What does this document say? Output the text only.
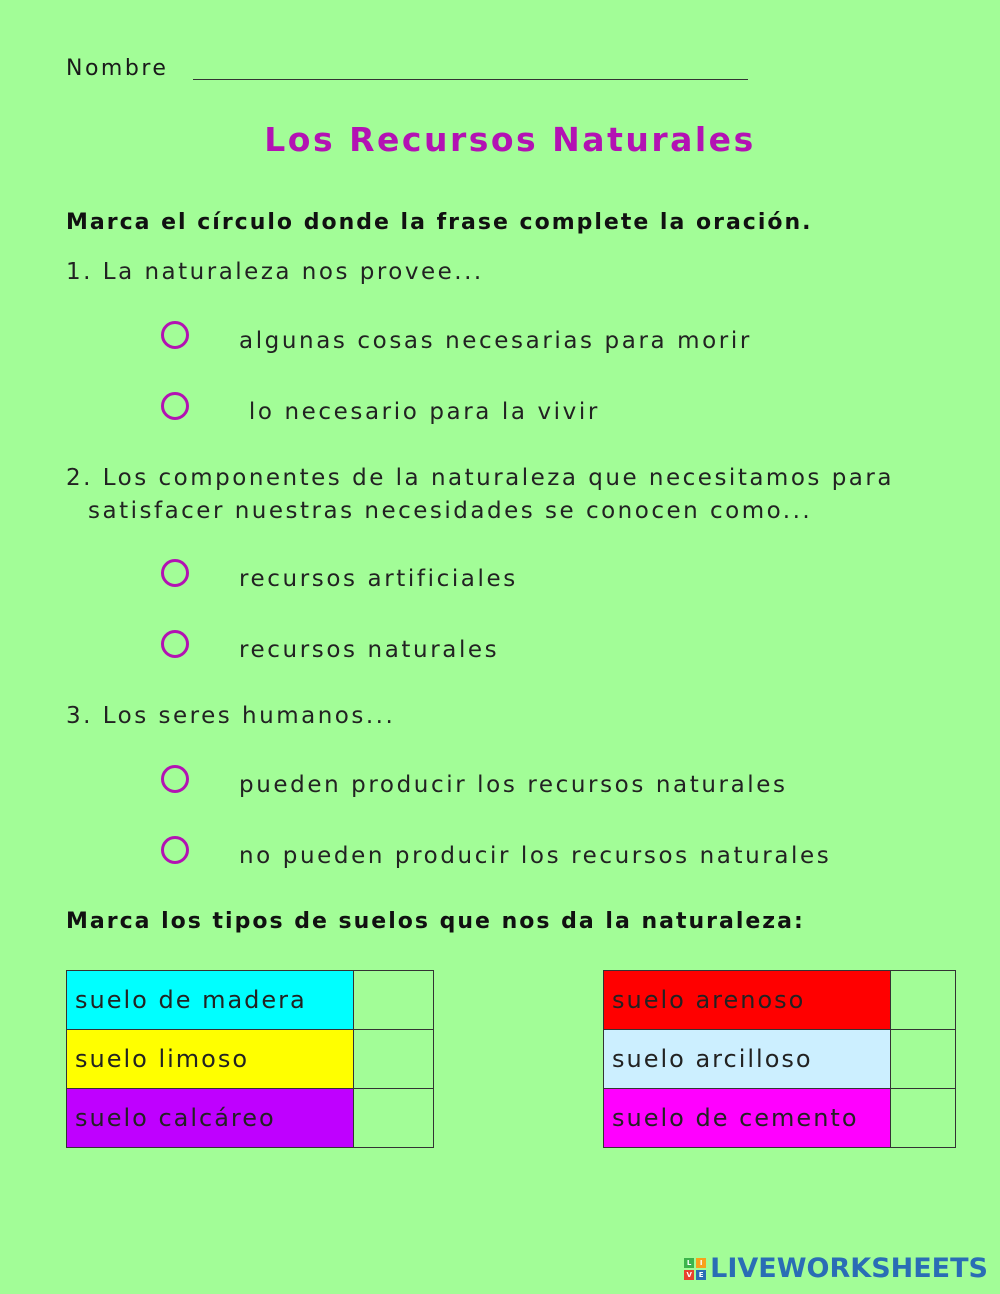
Nombre
Los Recursos Naturales
Marca el círculo donde la frase complete la oración.
1. La naturaleza nos provee...
algunas cosas necesarias para morir
lo necesario para la vivir
2. Los componentes de la naturaleza que necesitamos para
satisfacer nuestras necesidades se conocen como...
recursos artificiales
recursos naturales
3. Los seres humanos...
pueden producir los recursos naturales
no pueden producir los recursos naturales
Marca los tipos de suelos que nos da la naturaleza:
suelo de madera	
suelo limoso	
suelo calcáreo	
suelo arenoso	
suelo arcilloso	
suelo de cemento	
L	I
V E LIVEWORKSHEETS
